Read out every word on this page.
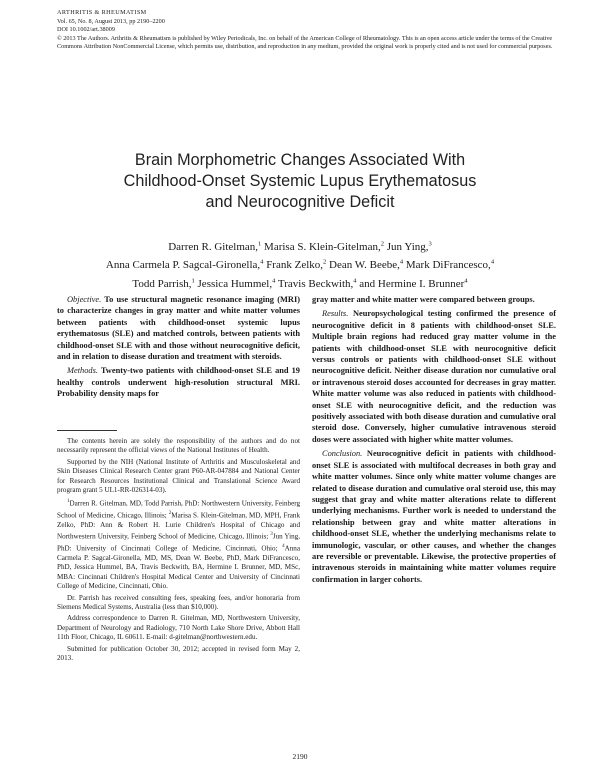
ARTHRITIS & RHEUMATISM
Vol. 65, No. 8, August 2013, pp 2190–2200
DOI 10.1002/art.38009
© 2013 The Authors. Arthritis & Rheumatism is published by Wiley Periodicals, Inc. on behalf of the American College of Rheumatology. This is an open access article under the terms of the Creative Commons Attribution NonCommercial License, which permits use, distribution, and reproduction in any medium, provided the original work is properly cited and is not used for commercial purposes.
Brain Morphometric Changes Associated With
Childhood-Onset Systemic Lupus Erythematosus
and Neurocognitive Deficit
Darren R. Gitelman,$^1$ Marisa S. Klein-Gitelman,$^2$ Jun Ying,$^3$
Anna Carmela P. Sagcal-Gironella,$^4$ Frank Zelko,$^2$ Dean W. Beebe,$^4$ Mark DiFrancesco,$^4$
Todd Parrish,$^1$ Jessica Hummel,$^4$ Travis Beckwith,$^4$ and Hermine I. Brunner$^4$

Objective. To use structural magnetic resonance imaging (MRI) to characterize changes in gray matter and white matter volumes between patients with childhood-onset systemic lupus erythematosus (SLE) and matched controls, between patients with childhood-onset SLE with and those without neurocognitive deficit, and in relation to disease duration and treatment with steroids.

Methods. Twenty-two patients with childhood-onset SLE and 19 healthy controls underwent high-resolution structural MRI. Probability density maps for

The contents herein are solely the responsibility of the authors and do not necessarily represent the official views of the National Institutes of Health.

Supported by the NIH (National Institute of Arthritis and Musculoskeletal and Skin Diseases Clinical Research Center grant P60-AR-047884 and National Center for Research Resources Institutional Clinical and Translational Science Award program grant 5 UL1-RR-026314-03).

$^1$Darren R. Gitelman, MD, Todd Parrish, PhD: Northwestern University, Feinberg School of Medicine, Chicago, Illinois; $^2$Marisa S. Klein-Gitelman, MD, MPH, Frank Zelko, PhD: Ann & Robert H. Lurie Children's Hospital of Chicago and Northwestern University, Feinberg School of Medicine, Chicago, Illinois; $^3$Jun Ying, PhD: University of Cincinnati College of Medicine, Cincinnati, Ohio; $^4$Anna Carmela P. Sagcal-Gironella, MD, MS, Dean W. Beebe, PhD, Mark DiFrancesco, PhD, Jessica Hummel, BA, Travis Beckwith, BA, Hermine I. Brunner, MD, MSc, MBA: Cincinnati Children's Hospital Medical Center and University of Cincinnati College of Medicine, Cincinnati, Ohio.

Dr. Parrish has received consulting fees, speaking fees, and/or honoraria from Siemens Medical Systems, Australia (less than $10,000).

Address correspondence to Darren R. Gitelman, MD, Northwestern University, Department of Neurology and Radiology, 710 North Lake Shore Drive, Abbott Hall 11th Floor, Chicago, IL 60611. E-mail: d-gitelman@northwestern.edu.

Submitted for publication October 30, 2012; accepted in revised form May 2, 2013.

gray matter and white matter were compared between groups.

Results. Neuropsychological testing confirmed the presence of neurocognitive deficit in 8 patients with childhood-onset SLE. Multiple brain regions had reduced gray matter volume in the patients with childhood-onset SLE with neurocognitive deficit versus controls or patients with childhood-onset SLE without neurocognitive deficit. Neither disease duration nor cumulative oral or intravenous steroid doses accounted for decreases in gray matter. White matter volume was also reduced in patients with childhood-onset SLE with neurocognitive deficit, and the reduction was positively associated with both disease duration and cumulative oral steroid dose. Conversely, higher cumulative intravenous steroid doses were associated with higher white matter volumes.

Conclusion. Neurocognitive deficit in patients with childhood-onset SLE is associated with multifocal decreases in both gray and white matter volumes. Since only white matter volume changes are related to disease duration and cumulative oral steroid use, this may suggest that gray and white matter alterations relate to different underlying mechanisms. Further work is needed to understand the relationship between gray and white matter alterations in childhood-onset SLE, whether the underlying mechanisms relate to immunologic, vascular, or other causes, and whether the changes are reversible or preventable. Likewise, the protective properties of intravenous steroids in maintaining white matter volumes require confirmation in larger cohorts.

2190
